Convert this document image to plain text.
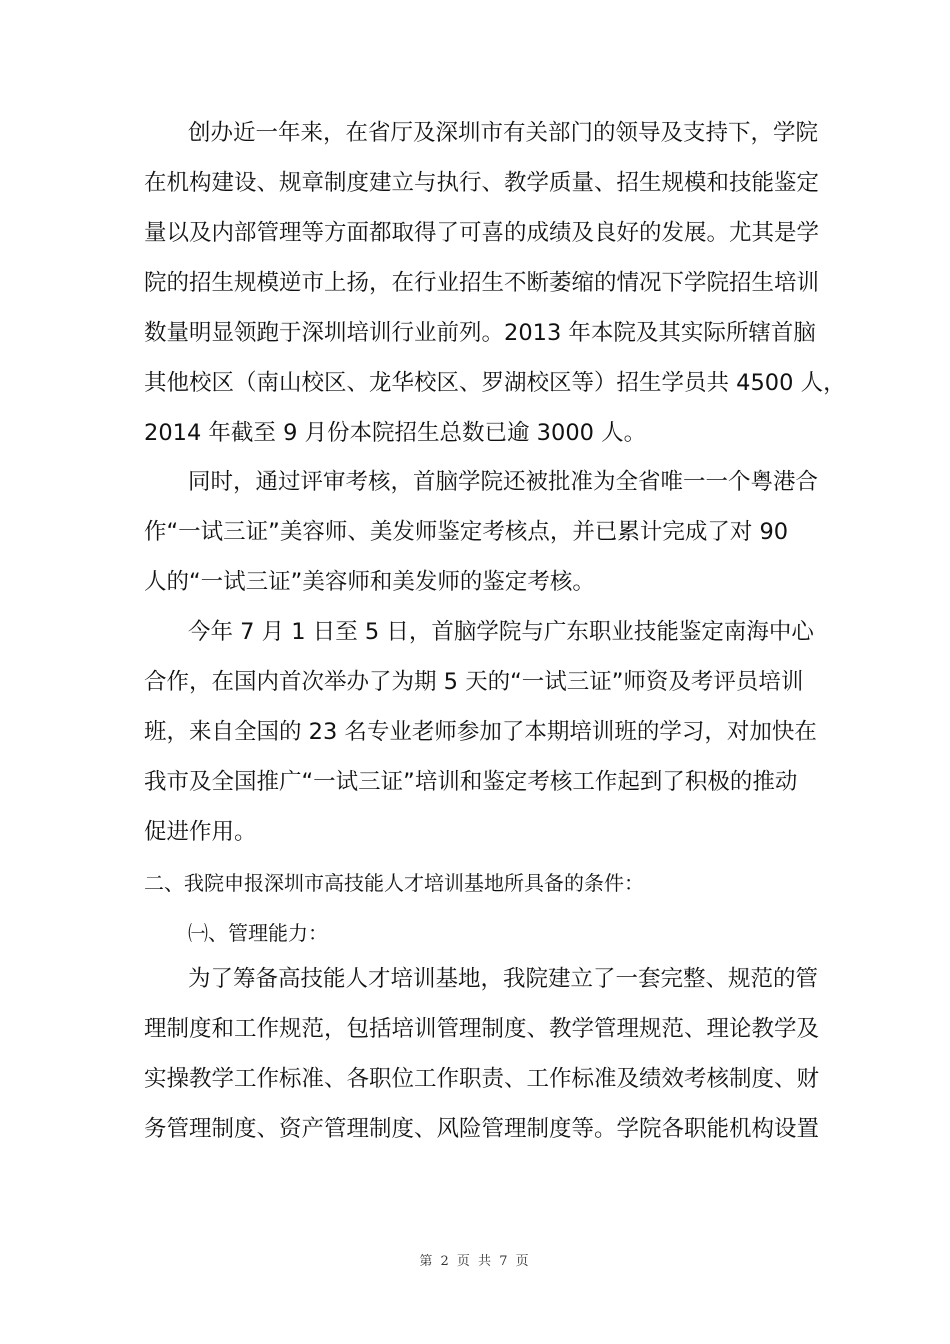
创办近一年来，在省厅及深圳市有关部门的领导及支持下，学院
在机构建设、规章制度建立与执行、教学质量、招生规模和技能鉴定
量以及内部管理等方面都取得了可喜的成绩及良好的发展。尤其是学
院的招生规模逆市上扬，在行业招生不断萎缩的情况下学院招生培训
数量明显领跑于深圳培训行业前列。2013 年本院及其实际所辖首脑
其他校区（南山校区、龙华校区、罗湖校区等）招生学员共 4500 人，
2014 年截至 9 月份本院招生总数已逾 3000 人。
同时，通过评审考核，首脑学院还被批准为全省唯一一个粤港合
作“一试三证”美容师、美发师鉴定考核点，并已累计完成了对 90
人的“一试三证”美容师和美发师的鉴定考核。
今年 7 月 1 日至 5 日，首脑学院与广东职业技能鉴定南海中心
合作，在国内首次举办了为期 5 天的“一试三证”师资及考评员培训
班，来自全国的 23 名专业老师参加了本期培训班的学习，对加快在
我市及全国推广“一试三证”培训和鉴定考核工作起到了积极的推动
促进作用。
二、我院申报深圳市高技能人才培训基地所具备的条件：
㈠、管理能力：
为了筹备高技能人才培训基地，我院建立了一套完整、规范的管
理制度和工作规范，包括培训管理制度、教学管理规范、理论教学及
实操教学工作标准、各职位工作职责、工作标准及绩效考核制度、财
务管理制度、资产管理制度、风险管理制度等。学院各职能机构设置
第 2 页 共 7 页
